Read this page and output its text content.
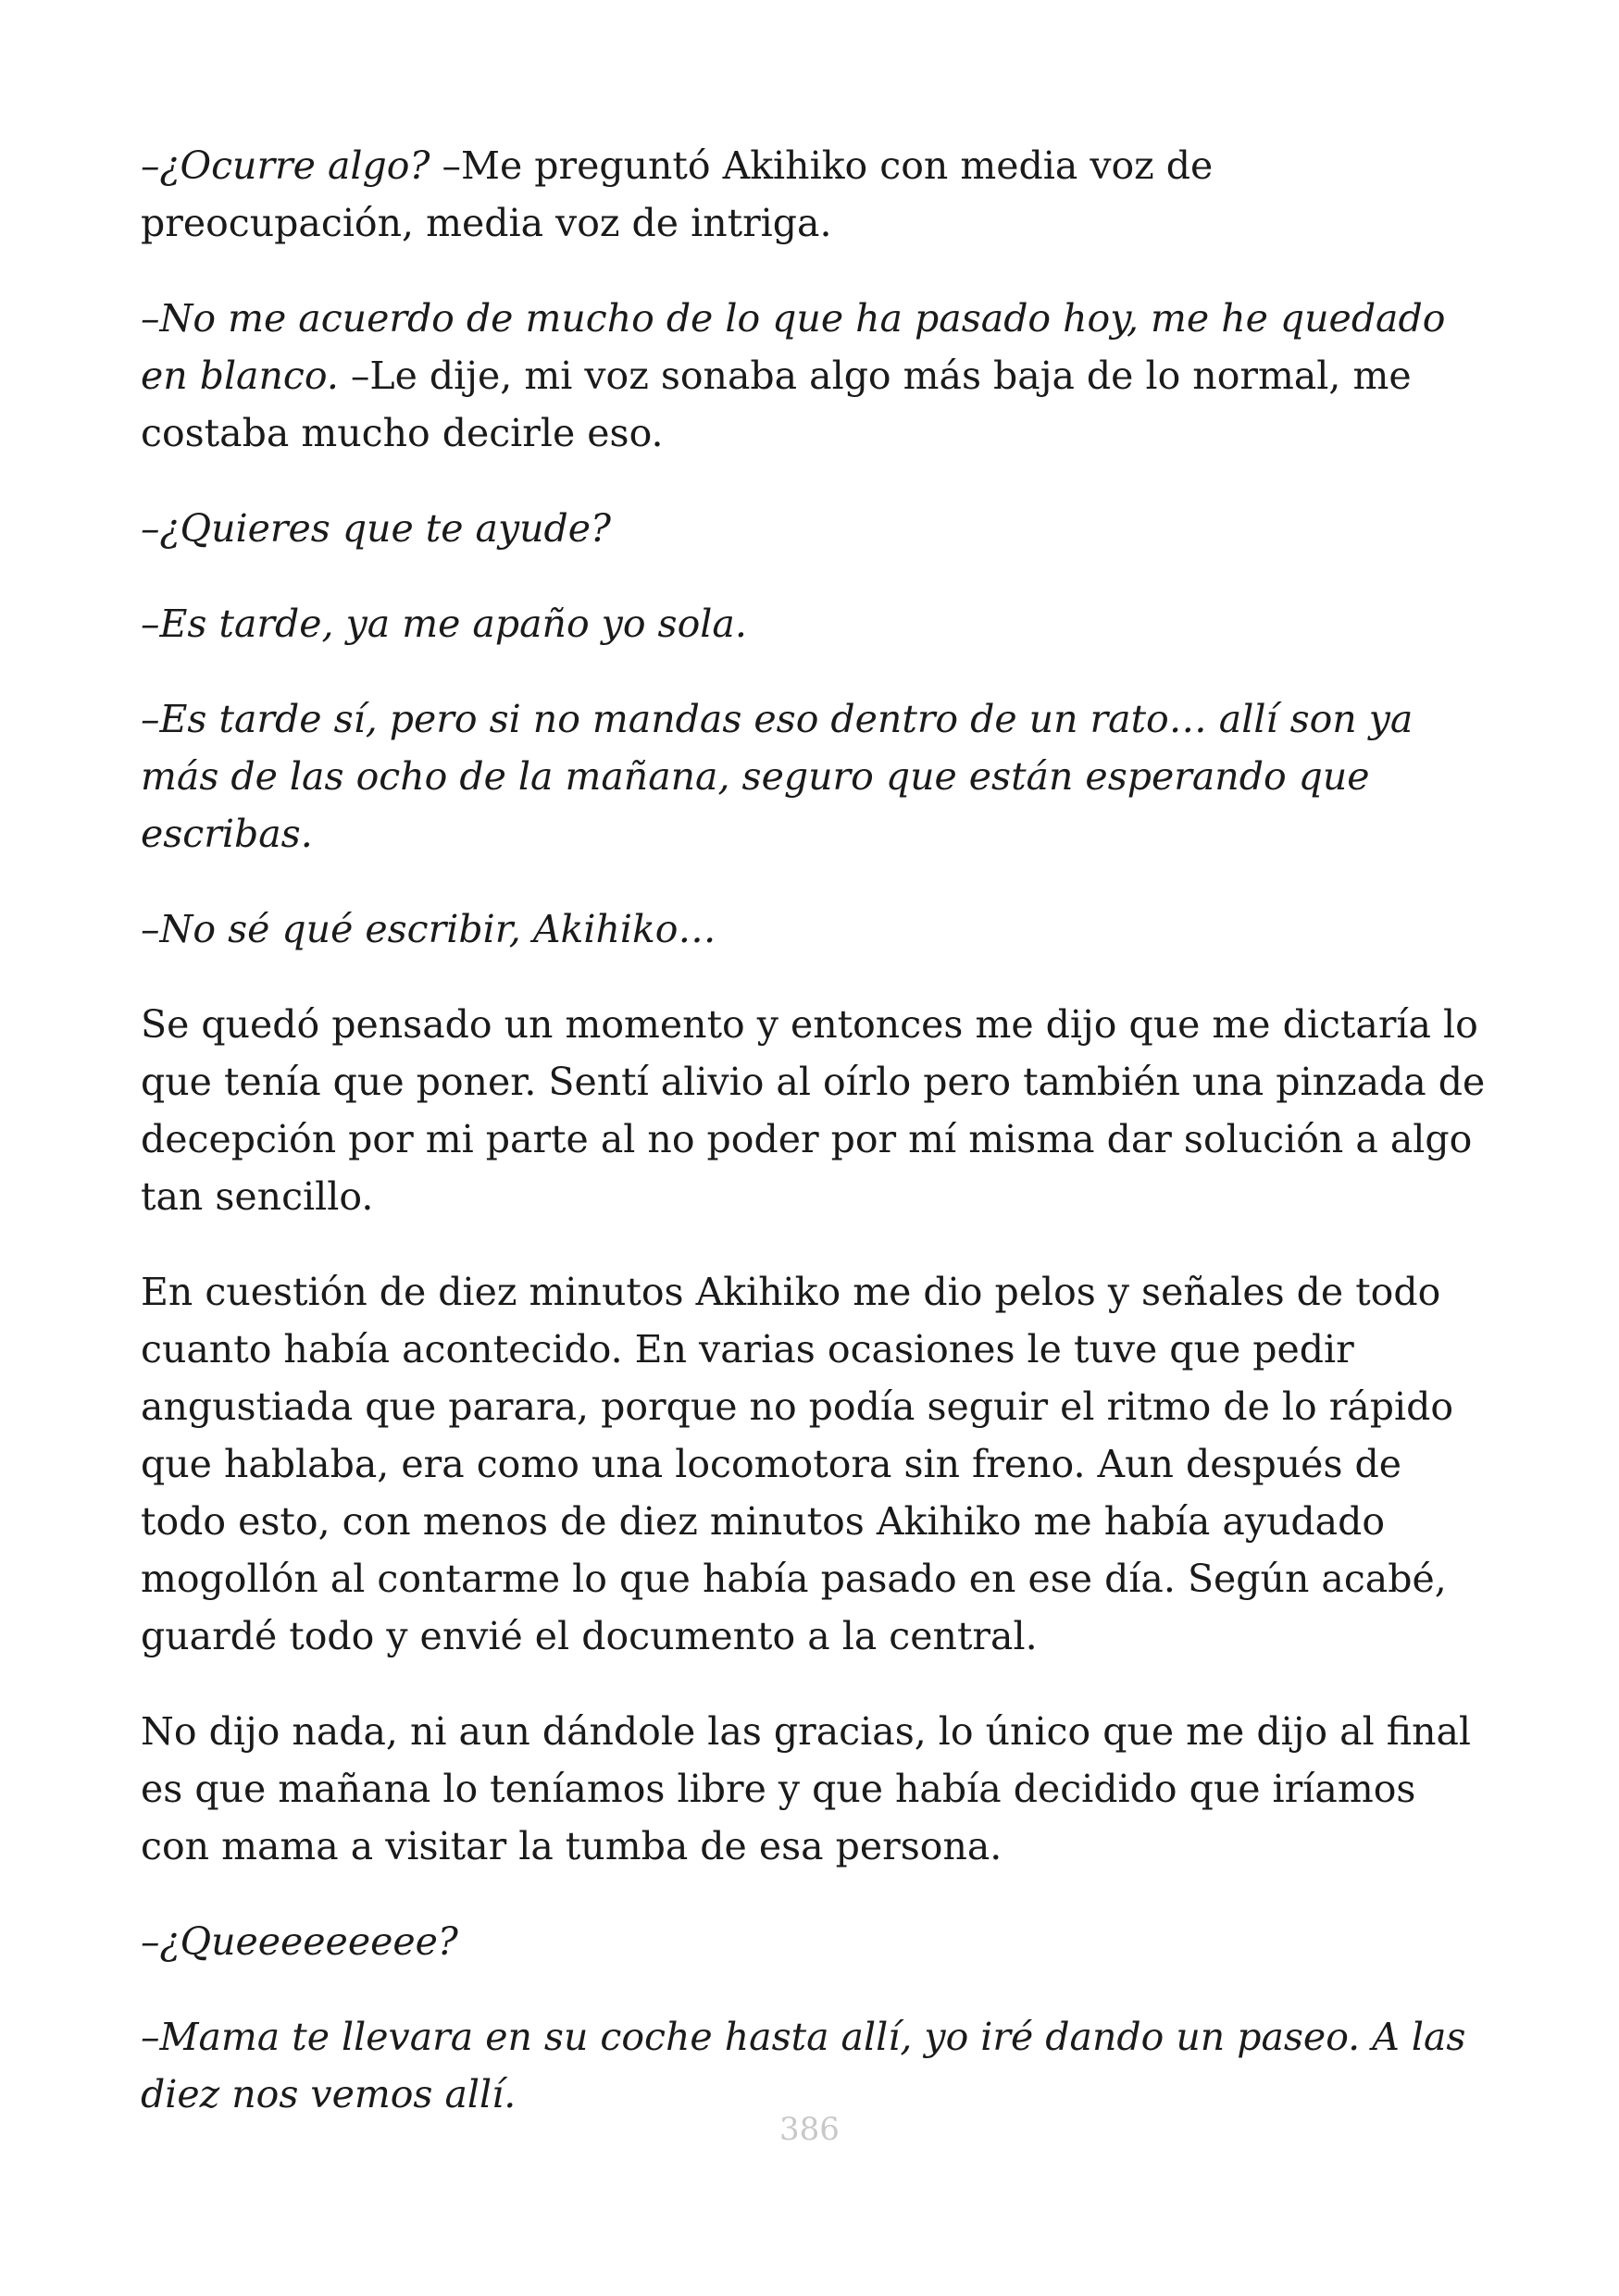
–¿Ocurre algo? –Me preguntó Akihiko con media voz de preocupación, media voz de intriga.

–No me acuerdo de mucho de lo que ha pasado hoy, me he quedado en blanco. –Le dije, mi voz sonaba algo más baja de lo normal, me costaba mucho decirle eso.

–¿Quieres que te ayude?

–Es tarde, ya me apaño yo sola.

–Es tarde sí, pero si no mandas eso dentro de un rato… allí son ya más de las ocho de la mañana, seguro que están esperando que escribas.

–No sé qué escribir, Akihiko…

Se quedó pensado un momento y entonces me dijo que me dictaría lo que tenía que poner. Sentí alivio al oírlo pero también una pinzada de decepción por mi parte al no poder por mí misma dar solución a algo tan sencillo.

En cuestión de diez minutos Akihiko me dio pelos y señales de todo cuanto había acontecido. En varias ocasiones le tuve que pedir angustiada que parara, porque no podía seguir el ritmo de lo rápido que hablaba, era como una locomotora sin freno. Aun después de todo esto, con menos de diez minutos Akihiko me había ayudado mogollón al contarme lo que había pasado en ese día. Según acabé, guardé todo y envié el documento a la central.

No dijo nada, ni aun dándole las gracias, lo único que me dijo al final es que mañana lo teníamos libre y que había decidido que iríamos con mama a visitar la tumba de esa persona.

–¿Queeeeeeeee?

–Mama te llevara en su coche hasta allí, yo iré dando un paseo. A las diez nos vemos allí.

386
